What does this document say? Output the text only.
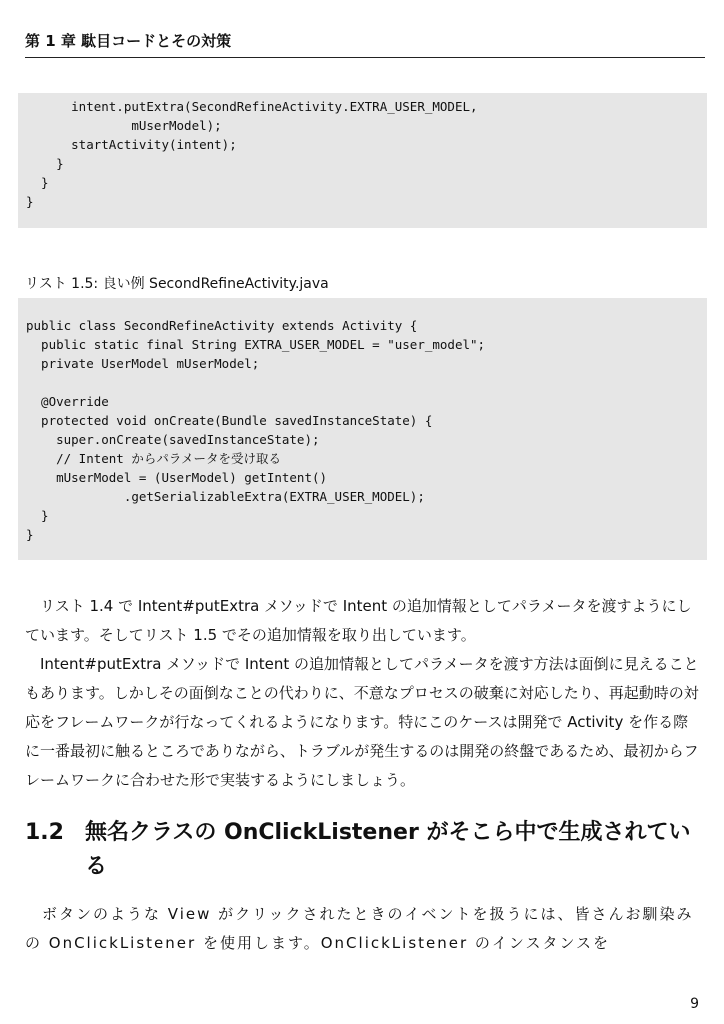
第 1 章 駄目コードとその対策
intent.putExtra(SecondRefineActivity.EXTRA_USER_MODEL,
mUserModel);
startActivity(intent);
}
}
}
リスト 1.5: 良い例 SecondRefineActivity.java
public class SecondRefineActivity extends Activity {
public static final String EXTRA_USER_MODEL = "user_model";
private UserModel mUserModel;

@Override
protected void onCreate(Bundle savedInstanceState) {
super.onCreate(savedInstanceState);
// Intent からパラメータを受け取る
mUserModel = (UserModel) getIntent()
.getSerializableExtra(EXTRA_USER_MODEL);
}
}

　リスト 1.4 で Intent#putExtra メソッドで Intent の追加情報としてパラメータを渡すようにしています。そしてリスト 1.5 でその追加情報を取り出しています。

　Intent#putExtra メソッドで Intent の追加情報としてパラメータを渡す方法は面倒に見えることもあります。しかしその面倒なことの代わりに、不意なプロセスの破棄に対応したり、再起動時の対応をフレームワークが行なってくれるようになります。特にこのケースは開発で Activity を作る際に一番最初に触るところでありながら、トラブルが発生するのは開発の終盤であるため、最初からフレームワークに合わせた形で実装するようにしましょう。

1.2 無名クラスの OnClickListener がそこら中で生成されている

　ボタンのような View がクリックされたときのイベントを扱うには、皆さんお馴染みの OnClickListener を使用します。OnClickListener のインスタンスを

9
